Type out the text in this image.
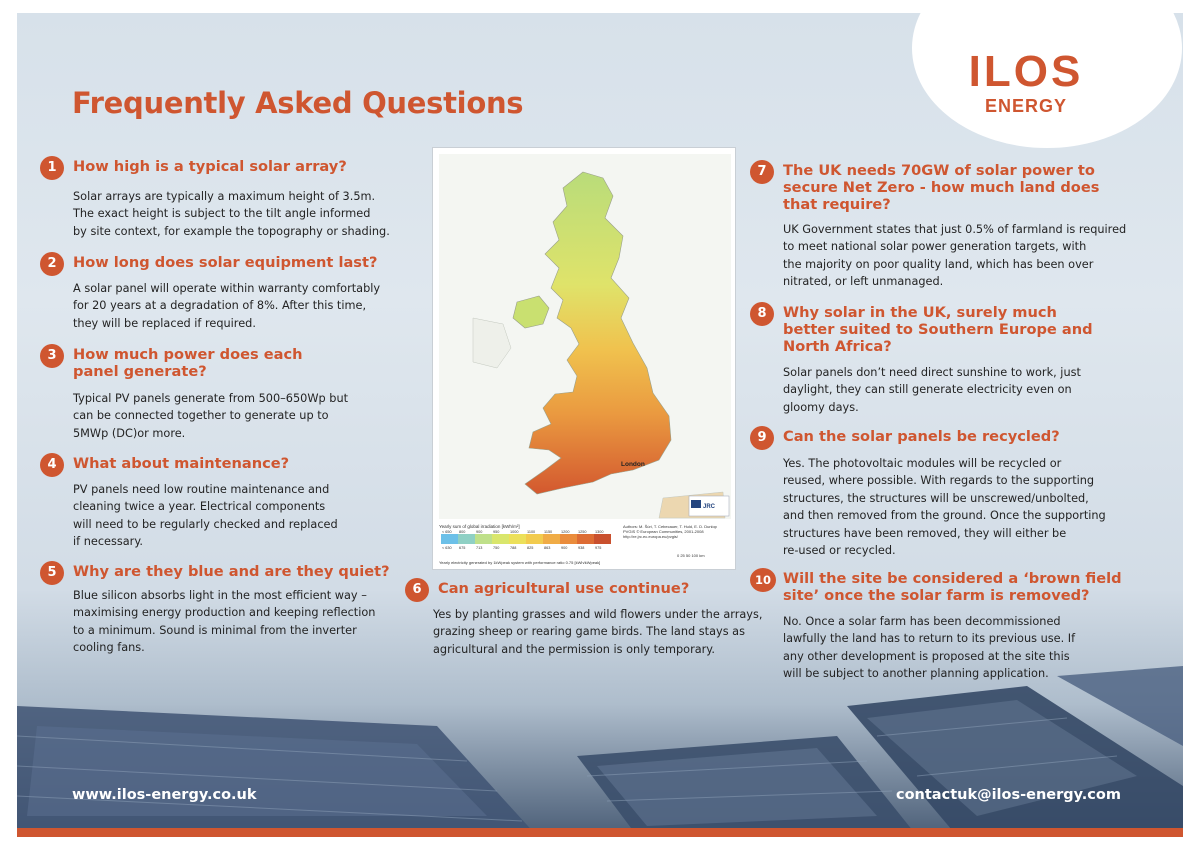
ILOS
ENERGY
Frequently Asked Questions
1	How high is a typical solar array?
Solar arrays are typically a maximum height of 3.5m.
The exact height is subject to the tilt angle informed
by site context, for example the topography or shading.
2	How long does solar equipment last?
A solar panel will operate within warranty comfortably
for 20 years at a degradation of 8%. After this time,
they will be replaced if required.
3	How much power does each
panel generate?
Typical PV panels generate from 500–650Wp but
can be connected together to generate up to
5MWp (DC)or more.
4	What about maintenance?
PV panels need low routine maintenance and
cleaning twice a year. Electrical components
will need to be regularly checked and replaced
if necessary.
5	Why are they blue and are they quiet?
Blue silicon absorbs light in the most efficient way –
maximising energy production and keeping reflection
to a minimum. Sound is minimal from the inverter
cooling fans.
London
JRC
< 650 800	900	950	1000 1100 1150 1200 1250 1300
< 630 675	713	750	788	825	863	900	938	975
Yearly sum of global irradiation [kWh/m²]
Yearly electricity generated by 1kWpeak system with performance ratio 0.75 [kWh/kWpeak]
Authors: M. Šúri, T. Cebecauer, T. Huld, E. D. Dunlop
PVGIS © European Communities, 2001-2008
http://re.jrc.ec.europa.eu/pvgis/
0 25 50 100 km
6	Can agricultural use continue?
Yes by planting grasses and wild flowers under the arrays,
grazing sheep or rearing game birds. The land stays as
agricultural and the permission is only temporary.
7	The UK needs 70GW of solar power to
secure Net Zero - how much land does
that require?
UK Government states that just 0.5% of farmland is required
to meet national solar power generation targets, with
the majority on poor quality land, which has been over
nitrated, or left unmanaged.
8	Why solar in the UK, surely much
better suited to Southern Europe and
North Africa?
Solar panels don’t need direct sunshine to work, just
daylight, they can still generate electricity even on
gloomy days.
9	Can the solar panels be recycled?
Yes. The photovoltaic modules will be recycled or
reused, where possible. With regards to the supporting
structures, the structures will be unscrewed/unbolted,
and then removed from the ground. Once the supporting
structures have been removed, they will either be
re-used or recycled.
10 Will the site be considered a ‘brown field
site’ once the solar farm is removed?
No. Once a solar farm has been decommissioned
lawfully the land has to return to its previous use. If
any other development is proposed at the site this
will be subject to another planning application.
www.ilos-energy.co.uk	contactuk@ilos-energy.com
